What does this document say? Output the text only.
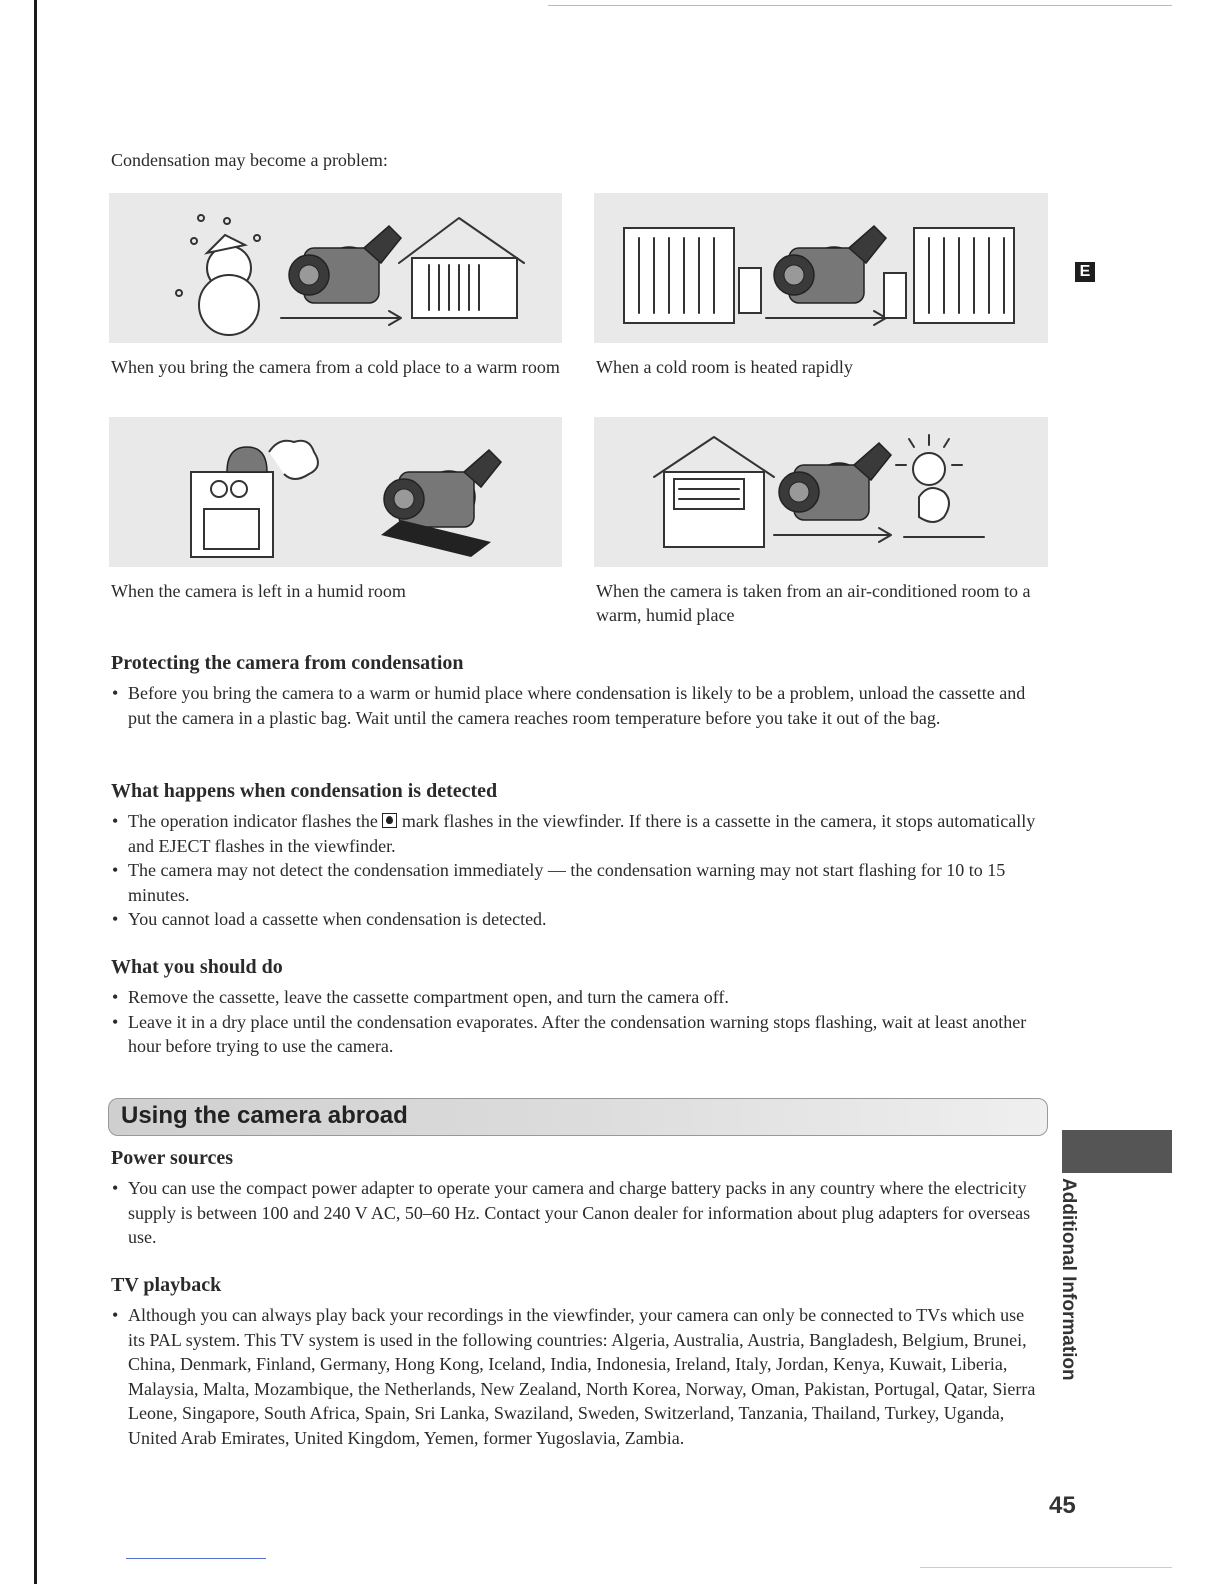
Condensation may become a problem:
E
When you bring the camera from a cold place to a warm room When a cold room is heated rapidly
When the camera is left in a humid room	When the camera is taken from an air-conditioned room to a warm, humid place
Protecting the camera from condensation
• Before you bring the camera to a warm or humid place where condensation is likely to be a problem, unload the cassette and put the camera in a plastic bag. Wait until the camera reaches room temperature before you take it out of the bag.
What happens when condensation is detected
• The operation indicator flashes the mark flashes in the viewfinder. If there is a cassette in the camera, it stops automatically and EJECT flashes in the viewfinder.
• The camera may not detect the condensation immediately — the condensation warning may not start flashing for 10 to 15 minutes.
• You cannot load a cassette when condensation is detected.
What you should do
• Remove the cassette, leave the cassette compartment open, and turn the camera off.
• Leave it in a dry place until the condensation evaporates. After the condensation warning stops flashing, wait at least another hour before trying to use the camera.
Using the camera abroad
Power sources
• You can use the compact power adapter to operate your camera and charge battery packs in any country where the electricity supply is between 100 and 240 V AC, 50–60 Hz. Contact your Canon dealer for information about plug adapters for overseas use.
TV playback
• Although you can always play back your recordings in the viewfinder, your camera can only be connected to TVs which use its PAL system. This TV system is used in the following countries: Algeria, Australia, Austria, Bangladesh, Belgium, Brunei, China, Denmark, Finland, Germany, Hong Kong, Iceland, India, Indonesia, Ireland, Italy, Jordan, Kenya, Kuwait, Liberia, Malaysia, Malta, Mozambique, the Netherlands, New Zealand, North Korea, Norway, Oman, Pakistan, Portugal, Qatar, Sierra Leone, Singapore, South Africa, Spain, Sri Lanka, Swaziland, Sweden, Switzerland, Tanzania, Thailand, Turkey, Uganda, United Arab Emirates, United Kingdom, Yemen, former Yugoslavia, Zambia.
Additional Information
45
